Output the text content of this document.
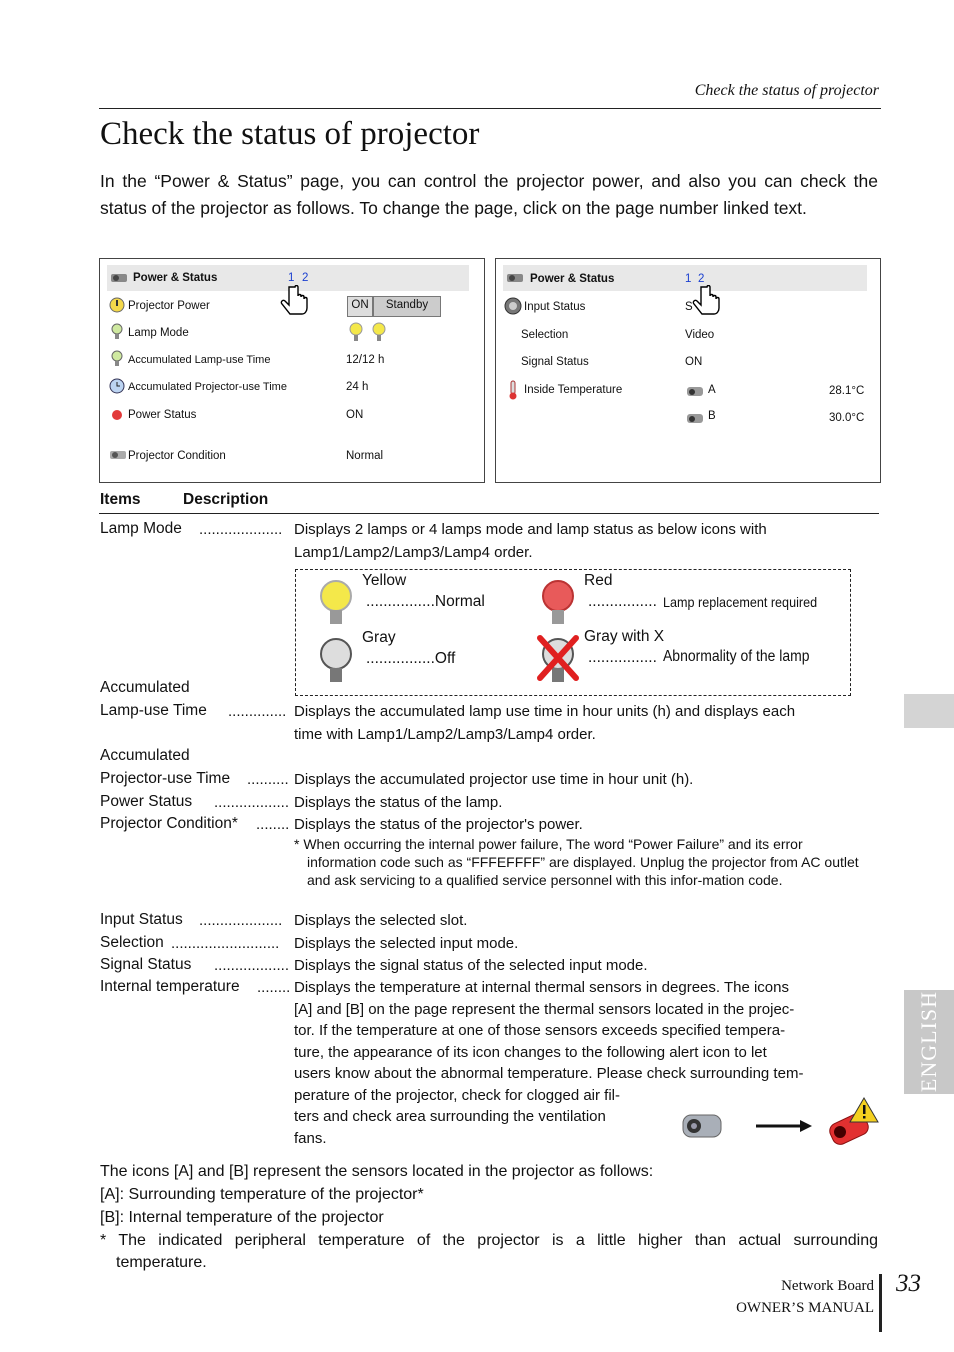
Check the status of projector
Check the status of projector
In the “Power & Status” page, you can control the projector power, and also you can check the status of the projector as follows. To change the page, click on the page number linked text.
Power & Status	1 2
Projector Power	ON	Standby
Lamp Mode
Accumulated Lamp-use Time	12/12 h
Accumulated Projector-use Time	24 h
Power Status	ON
Projector Condition	Normal
Power & Status	1 2
Input Status	S
Selection	Video
Signal Status	ON
Inside Temperature	A	28.1°C
B	30.0°C
Items	Description
Lamp Mode .................... Displays 2 lamps or 4 lamps mode and lamp status as below icons with
Lamp1/Lamp2/Lamp3/Lamp4 order.
Yellow
................Normal
Red
................ Lamp replacement required
Gray
................Off
Gray with X
................ Abnormality of the lamp
Accumulated
Lamp-use Time .............. Displays the accumulated lamp use time in hour units (h) and displays each
time with Lamp1/Lamp2/Lamp3/Lamp4 order.
Accumulated
Projector-use Time .......... Displays the accumulated projector use time in hour unit (h).
Power Status .................. Displays the status of the lamp.
Projector Condition* ........ Displays the status of the projector's power.
* When occurring the internal power failure, The word “Power Failure” and its error information code such as “FFFEFFFF” are displayed. Unplug the projector from AC outlet and ask servicing to a qualified service personnel with this infor-mation code.
Input Status .................... Displays the selected slot.
Selection .......................... Displays the selected input mode.
Signal Status .................. Displays the signal status of the selected input mode.
Internal temperature ........ Displays the temperature at internal thermal sensors in degrees. The icons
[A] and [B] on the page represent the thermal sensors located in the projec-
tor. If the temperature at one of those sensors exceeds specified tempera-
ture, the appearance of its icon changes to the following alert icon to let
users know about the abnormal temperature. Please check surrounding tem-
perature of the projector, check for clogged air fil-
ters and check area surrounding the ventilation
fans.
The icons [A] and [B] represent the sensors located in the projector as follows:
[A]: Surrounding temperature of the projector*
[B]: Internal temperature of the projector
* The indicated peripheral temperature of the projector is a little higher than actual surrounding
temperature.
ENGLISH
Network Board
OWNER’S MANUAL
33
